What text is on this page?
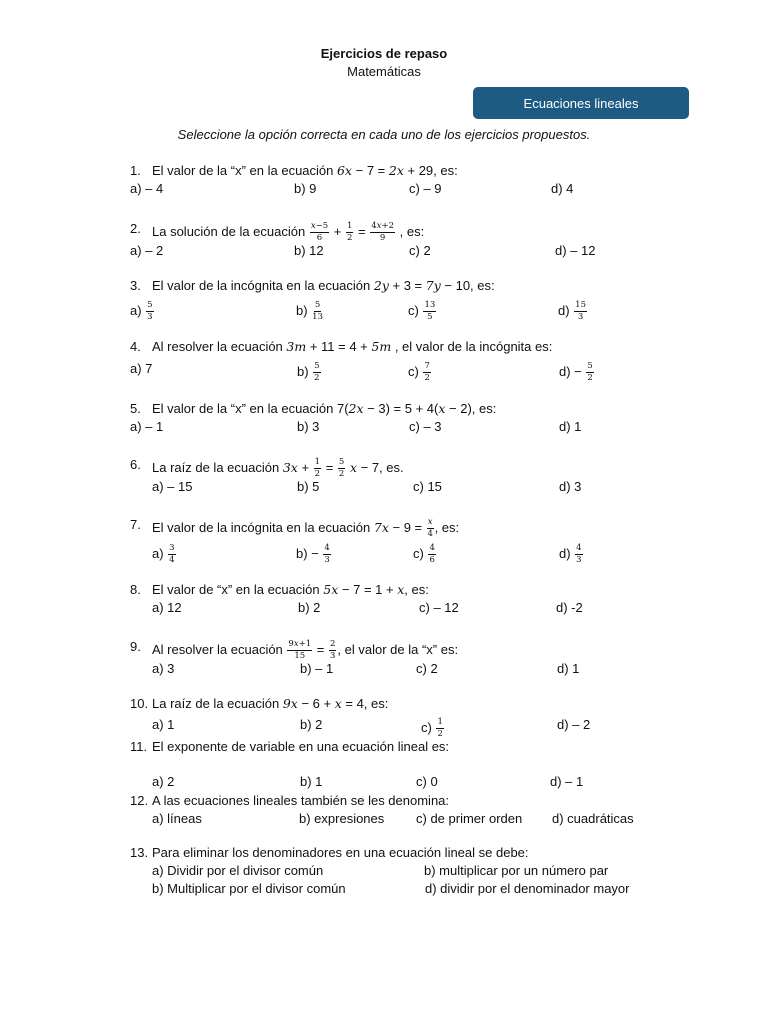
Ejercicios de repaso
Matemáticas
Ecuaciones lineales
Seleccione la opción correcta en cada uno de los ejercicios propuestos.
1. El valor de la “x” en la ecuación 6x − 7 = 2x + 29, es:
a) – 4	b) 9	c) – 9	d) 4
2. La solución de la ecuación $\frac{x-5}{6} + \frac{1}{2} = \frac{4x+2}{9}$ , es:
a) – 2	b) 12	c) 2	d) – 12
3. El valor de la incógnita en la ecuación 2y + 3 = 7y − 10, es:
$a) \frac{5}{3}$	$b) \frac{5}{13}$	$c) \frac{13}{5}$	$d) \frac{15}{3}$
4. Al resolver la ecuación 3m + 11 = 4 + 5m , el valor de la incógnita es:
a) 7	$b) \frac{5}{2}$	$c) \frac{7}{2}$	$d) - \frac{5}{2}$
5. El valor de la “x” en la ecuación 7(2x − 3) = 5 + 4(x − 2), es:
a) – 1	b) 3	c) – 3	d) 1
6. La raíz de la ecuación $3x + \frac{1}{2} = \frac{5}{2}$ x − 7, es.
a) – 15	b) 5	c) 15	d) 3
7. El valor de la incógnita en la ecuación $7x - 9 = \frac{x}{4}$ , es:
$a) \frac{3}{4}$	$b) - \frac{4}{3}$	$c) \frac{4}{6}$	$d) \frac{4}{3}$
8. El valor de “x” en la ecuación 5x − 7 = 1 + x, es:
a) 12	b) 2	c) – 12	d) -2
9. Al resolver la ecuación $\frac{9x+1}{15} = \frac{2}{3}$ , el valor de la “x” es:
a) 3	b) – 1	c) 2	d) 1
10. La raíz de la ecuación 9x − 6 + x = 4, es:
a) 1	b) 2	$c) \frac{1}{2}$	d) – 2
11. El exponente de variable en una ecuación lineal es:
a) 2	b) 1	c) 0	d) – 1
12. A las ecuaciones lineales también se les denomina:
a) líneas	b) expresiones c) de primer orden d) cuadráticas
13. Para eliminar los denominadores en una ecuación lineal se debe:
a) Dividir por el divisor común	b) multiplicar por un número par
b) Multiplicar por el divisor común	d) dividir por el denominador mayor
